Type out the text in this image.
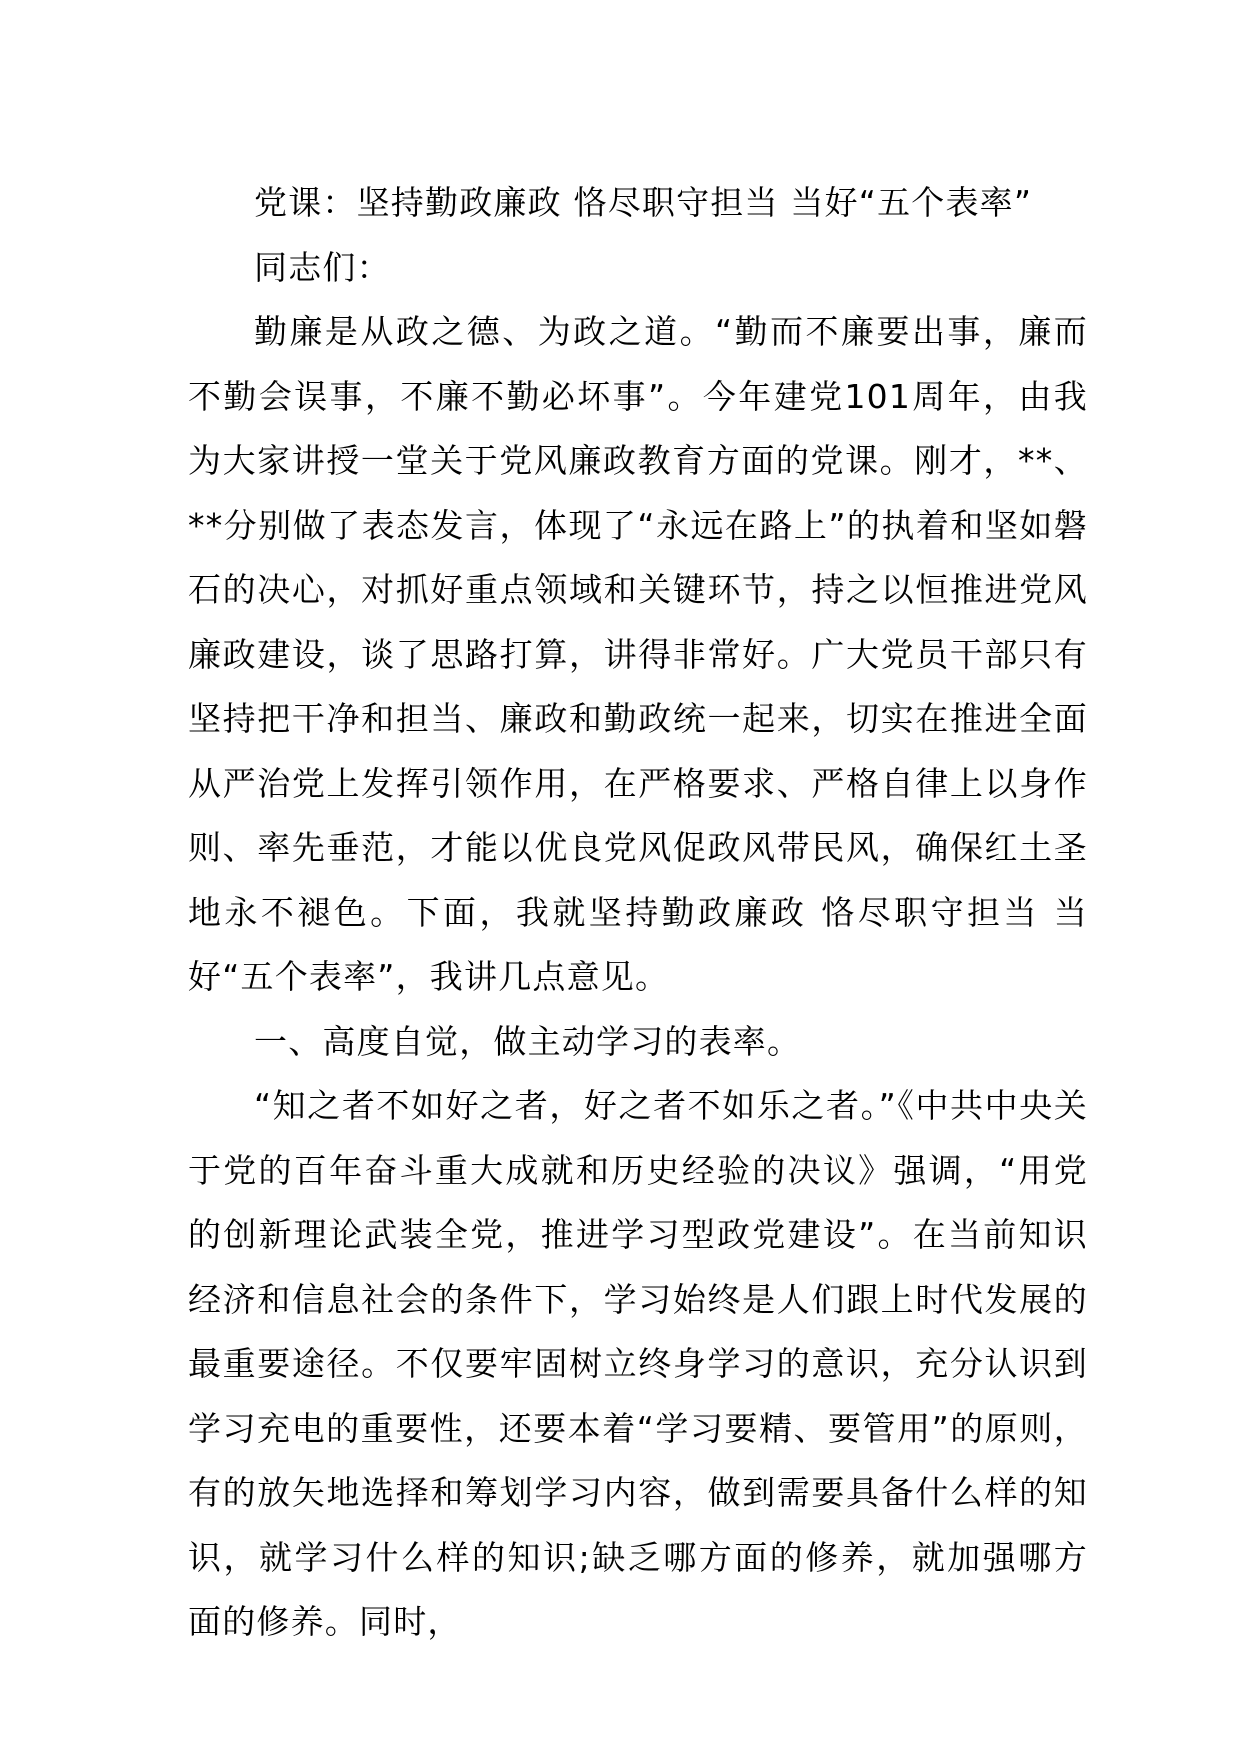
党课：坚持勤政廉政 恪尽职守担当 当好“五个表率”

同志们：

勤廉是从政之德、为政之道。“勤而不廉要出事，廉而不勤会误事，不廉不勤必坏事”。今年建党101周年，由我为大家讲授一堂关于党风廉政教育方面的党课。刚才，**、**分别做了表态发言，体现了“永远在路上”的执着和坚如磐石的决心，对抓好重点领域和关键环节，持之以恒推进党风廉政建设，谈了思路打算，讲得非常好。广大党员干部只有坚持把干净和担当、廉政和勤政统一起来，切实在推进全面从严治党上发挥引领作用，在严格要求、严格自律上以身作则、率先垂范，才能以优良党风促政风带民风，确保红土圣地永不褪色。下面，我就坚持勤政廉政 恪尽职守担当 当好“五个表率”，我讲几点意见。

一、高度自觉，做主动学习的表率。

“知之者不如好之者，好之者不如乐之者。”《中共中央关于党的百年奋斗重大成就和历史经验的决议》强调，“用党的创新理论武装全党，推进学习型政党建设”。在当前知识经济和信息社会的条件下，学习始终是人们跟上时代发展的最重要途径。不仅要牢固树立终身学习的意识，充分认识到学习充电的重要性，还要本着“学习要精、要管用”的原则，有的放矢地选择和筹划学习内容，做到需要具备什么样的知识，就学习什么样的知识;缺乏哪方面的修养，就加强哪方面的修养。同时，
